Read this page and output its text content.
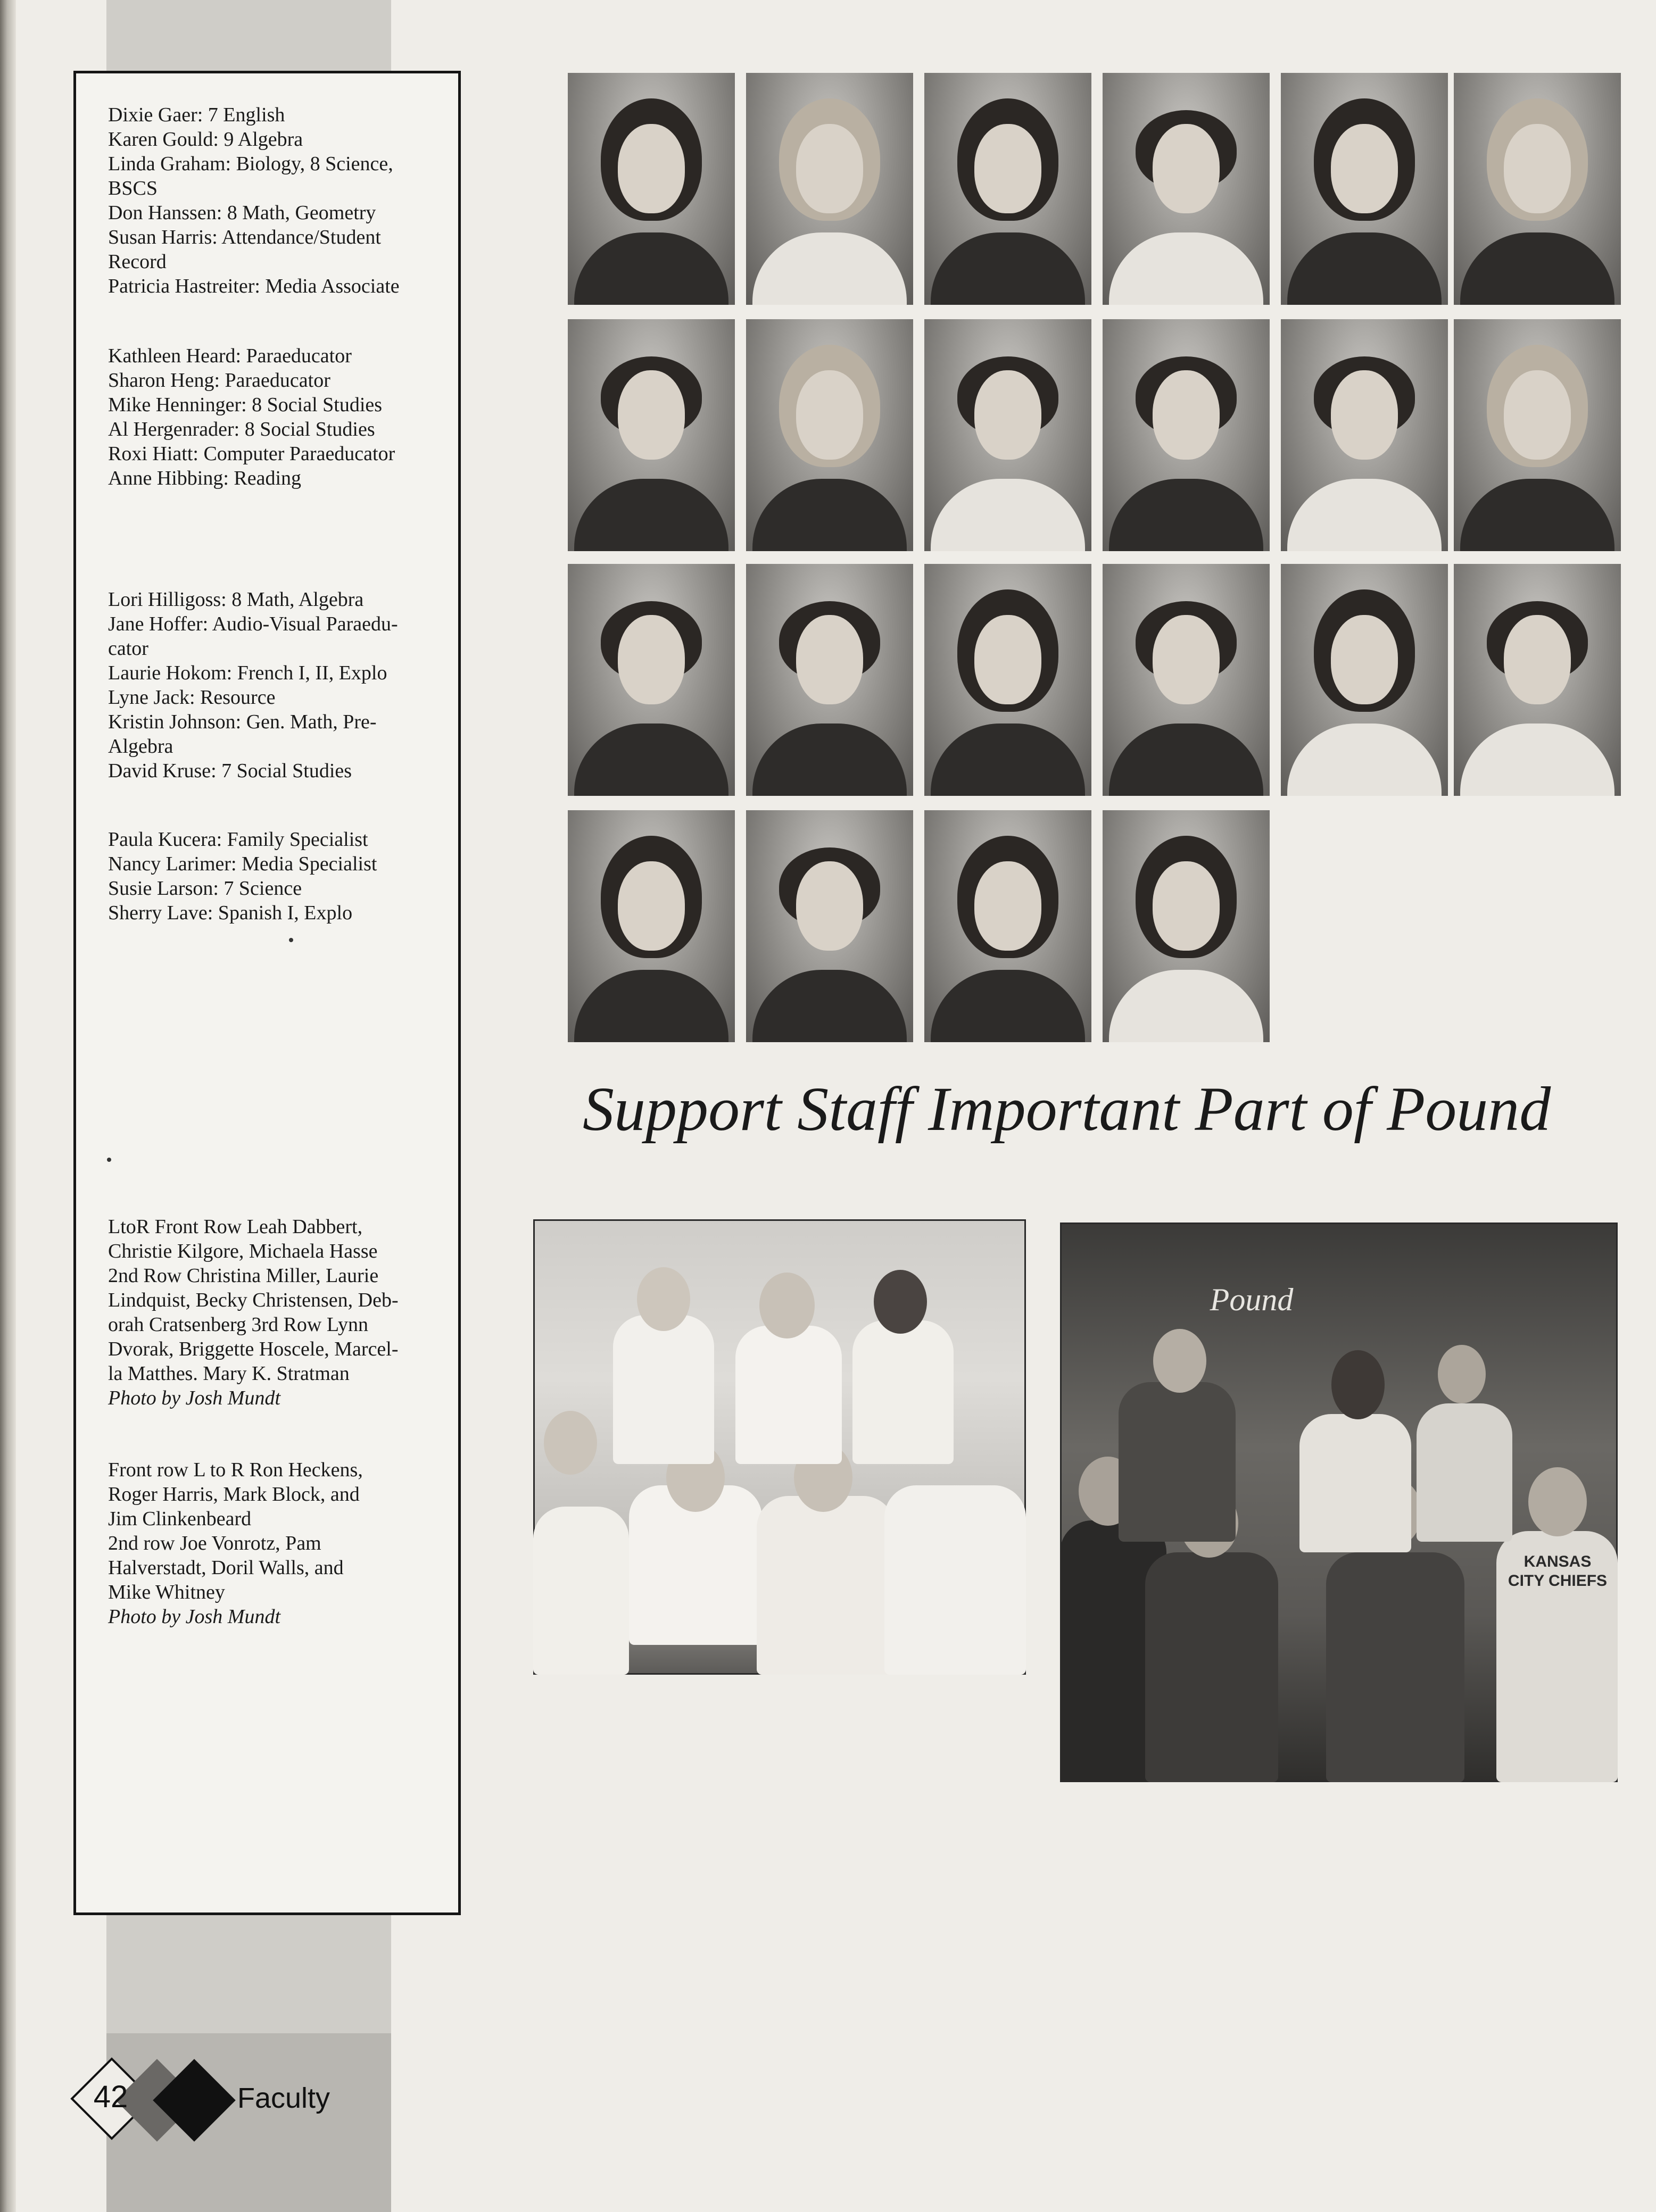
Dixie Gaer: 7 English
Karen Gould: 9 Algebra
Linda Graham: Biology, 8 Science,
BSCS
Don Hanssen: 8 Math, Geometry
Susan Harris: Attendance/Student
Record
Patricia Hastreiter: Media Associate
Kathleen Heard: Paraeducator
Sharon Heng: Paraeducator
Mike Henninger: 8 Social Studies
Al Hergenrader: 8 Social Studies
Roxi Hiatt: Computer Paraeducator
Anne Hibbing: Reading
Lori Hilligoss: 8 Math, Algebra
Jane Hoffer: Audio-Visual Paraedu-
cator
Laurie Hokom: French I, II, Explo
Lyne Jack: Resource
Kristin Johnson: Gen. Math, Pre-
Algebra
David Kruse: 7 Social Studies
Paula Kucera: Family Specialist
Nancy Larimer: Media Specialist
Susie Larson: 7 Science
Sherry Lave: Spanish I, Explo
LtoR Front Row Leah Dabbert,
Christie Kilgore, Michaela Hasse
2nd Row Christina Miller, Laurie
Lindquist, Becky Christensen, Deb-
orah Cratsenberg 3rd Row Lynn
Dvorak, Briggette Hoscele, Marcel-
la Matthes. Mary K. Stratman
Photo by Josh Mundt
Front row L to R Ron Heckens,
Roger Harris, Mark Block, and
Jim Clinkenbeard
2nd row Joe Vonrotz, Pam
Halverstadt, Doril Walls, and
Mike Whitney
Photo by Josh Mundt
Support Staff Important Part of Pound
Pound
KANSAS CITY CHIEFS
42	Faculty
